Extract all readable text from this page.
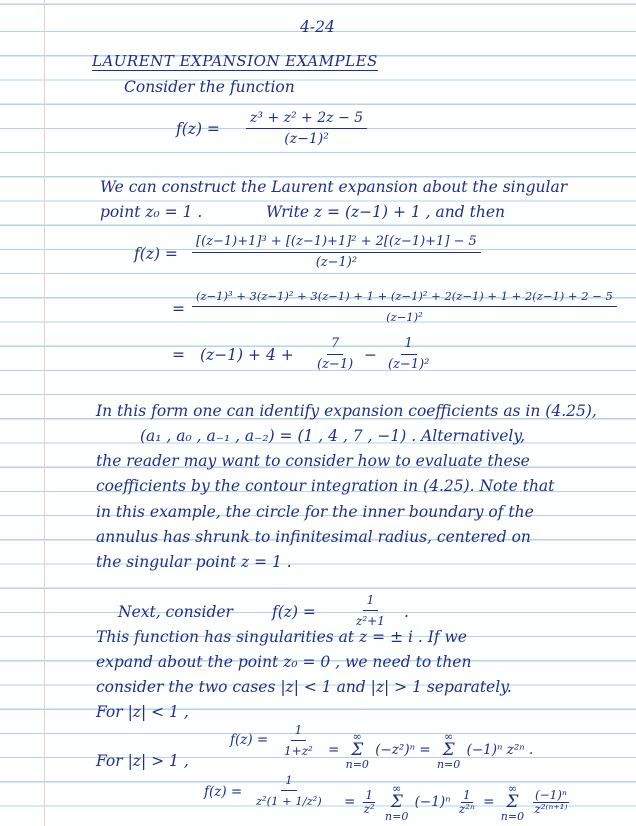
4-24
LAURENT EXPANSION EXAMPLES
Consider the function
$f(z) = \frac{\text{z³ + z² + 2z − 5}}{\text{(z−1)²}}$
We can construct the Laurent expansion about the singular
point z₀ = 1 .	Write z = (z−1) + 1 , and then
$f(z) = \frac{\text{[(z−1)+1]³ + [(z−1)+1]² + 2[(z−1)+1] − 5}}{\text{(z−1)²}}$
=
(z−1)³ + 3(z−1)² + 3(z−1) + 1 + (z−1)² + 2(z−1) + 1 + 2(z−1) + 2 − 5
(z−1)²
= $(z-1) + 4 + \frac{7}{(z-1)} - \frac{1}{\text{(z−1)²}}$
In this form one can identify expansion coefficients as in (4.25),
(a₁ , a₀ , a₋₁ , a₋₂) = (1 , 4 , 7 , −1) . Alternatively,
the reader may want to consider how to evaluate these
coefficients by the contour integration in (4.25). Note that
in this example, the circle for the inner boundary of the
annulus has shrunk to infinitesimal radius, centered on
the singular point z = 1 .
Next, consider	f(z) =	$\frac{1}{\text{z²+1}}$ .
This function has singularities at z = ± i . If we
expand about the point z₀ = 0 , we need to then
consider the two cases |z| < 1 and |z| > 1 separately.
For |z| < 1 ,
$f(z) = \frac{1}{\text{1+z²}}$ =
∞
Σ
n=0
(−z²)ⁿ =
∞
Σ
n=0
(−1)ⁿ z²ⁿ .
For |z| > 1 ,
$f(z) = \frac{1}{\text{z²(1 + 1/z²)}} = \frac{1}{\text{z²}}$

∞
Σ
n=0
$(-1)^n \frac{1}{\text{z²ⁿ}}$ =
∞
Σ
n=0

$\frac{\text{(−1)ⁿ}}{\text{z²⁽ⁿ⁺¹⁾}}$
